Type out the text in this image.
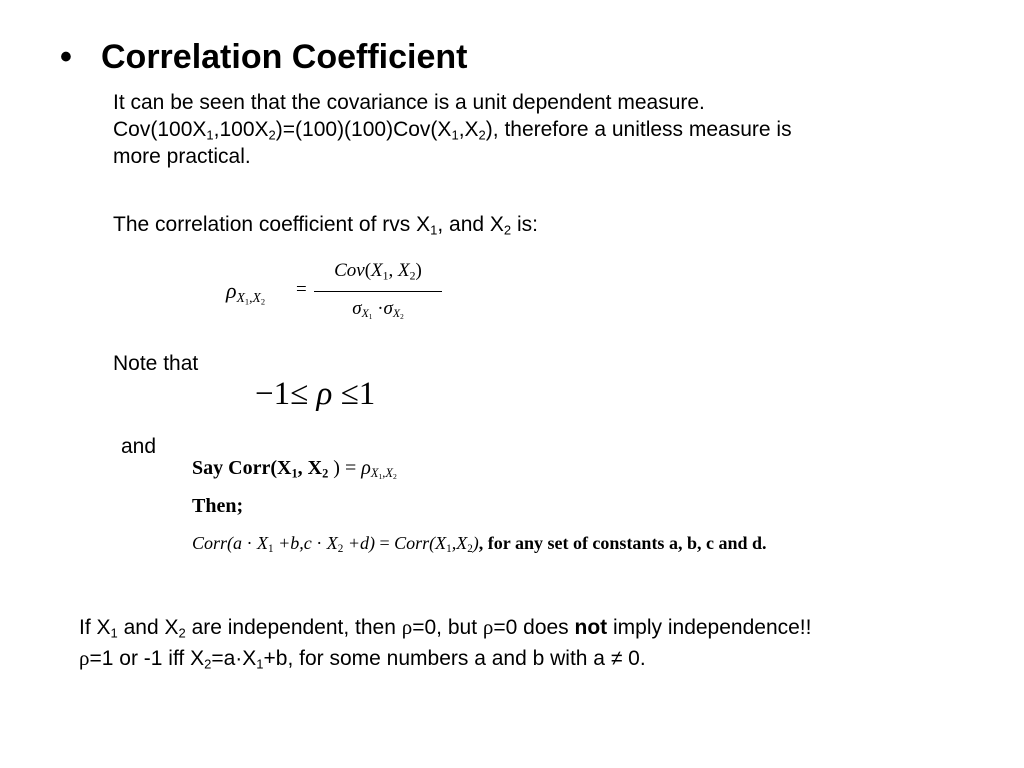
• Correlation Coefficient
It can be seen that the covariance is a unit dependent measure.
$Cov(100X_1,100X_2)=(100)(100)Cov(X_1,X_2)$, therefore a unitless measure is
more practical.
The correlation coefficient of rvs $X_1$, and $X_2$ is:
$\rho_{X_1,X_2}$
=
$Cov(X_1$, $X_2$)
$\sigma_{X_1} \cdot\sigma_{X_2}$
Note that
−1≤ ρ ≤1
and
Say $Corr(X_1$, $X_2$ ) = $\rho_{X_1,X_2}$
Then;
Corr(a · $X_1 +b,c \cdot X_2 +d$) = $Corr(X_1,X_2)$, for any set of constants a, b, c and d.
If $X_1$ and $X_2$ are independent, then ρ=0, but ρ=0 does not imply independence!!
ρ=1 or -1 iff $X_2=a\cdot X_1+b$, for some numbers a and b with a ≠ 0.
